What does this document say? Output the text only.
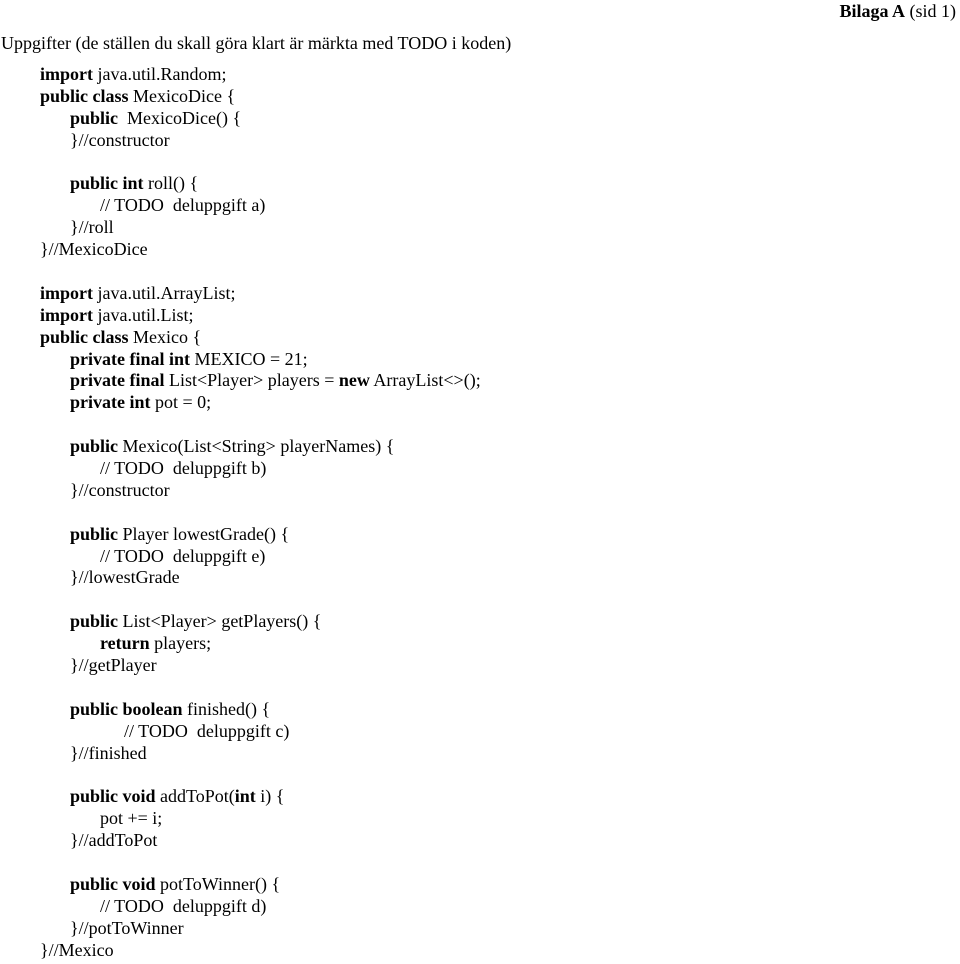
Bilaga A (sid 1)
Uppgifter (de ställen du skall göra klart är märkta med TODO i koden)
import java.util.Random;
public class MexicoDice {
public  MexicoDice() {
}//constructor
public int roll() {
// TODO  deluppgift a)
}//roll
}//MexicoDice
import java.util.ArrayList;
import java.util.List;
public class Mexico {
private final int MEXICO = 21;
private final List<Player> players = new ArrayList<>();
private int pot = 0;
public Mexico(List<String> playerNames) {
// TODO  deluppgift b)
}//constructor
public Player lowestGrade() {
// TODO  deluppgift e)
}//lowestGrade
public List<Player> getPlayers() {
return players;
}//getPlayer
public boolean finished() {
// TODO  deluppgift c)
}//finished
public void addToPot(int i) {
pot += i;
}//addToPot
public void potToWinner() {
// TODO  deluppgift d)
}//potToWinner
}//Mexico
